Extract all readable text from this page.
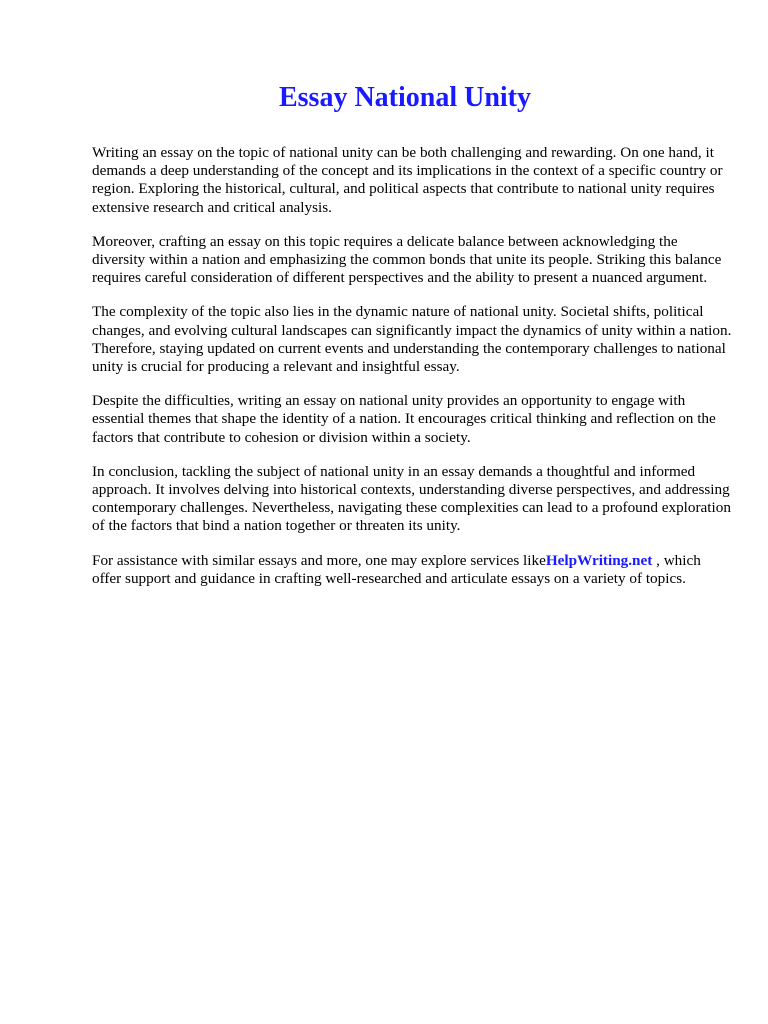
Essay National Unity

Writing an essay on the topic of national unity can be both challenging and rewarding. On one hand, it demands a deep understanding of the concept and its implications in the context of a specific country or region. Exploring the historical, cultural, and political aspects that contribute to national unity requires extensive research and critical analysis.

Moreover, crafting an essay on this topic requires a delicate balance between acknowledging the diversity within a nation and emphasizing the common bonds that unite its people. Striking this balance requires careful consideration of different perspectives and the ability to present a nuanced argument.

The complexity of the topic also lies in the dynamic nature of national unity. Societal shifts, political changes, and evolving cultural landscapes can significantly impact the dynamics of unity within a nation. Therefore, staying updated on current events and understanding the contemporary challenges to national unity is crucial for producing a relevant and insightful essay.

Despite the difficulties, writing an essay on national unity provides an opportunity to engage with essential themes that shape the identity of a nation. It encourages critical thinking and reflection on the factors that contribute to cohesion or division within a society.

In conclusion, tackling the subject of national unity in an essay demands a thoughtful and informed approach. It involves delving into historical contexts, understanding diverse perspectives, and addressing contemporary challenges. Nevertheless, navigating these complexities can lead to a profound exploration of the factors that bind a nation together or threaten its unity.

For assistance with similar essays and more, one may explore services likeHelpWriting.net , which offer support and guidance in crafting well-researched and articulate essays on a variety of topics.
